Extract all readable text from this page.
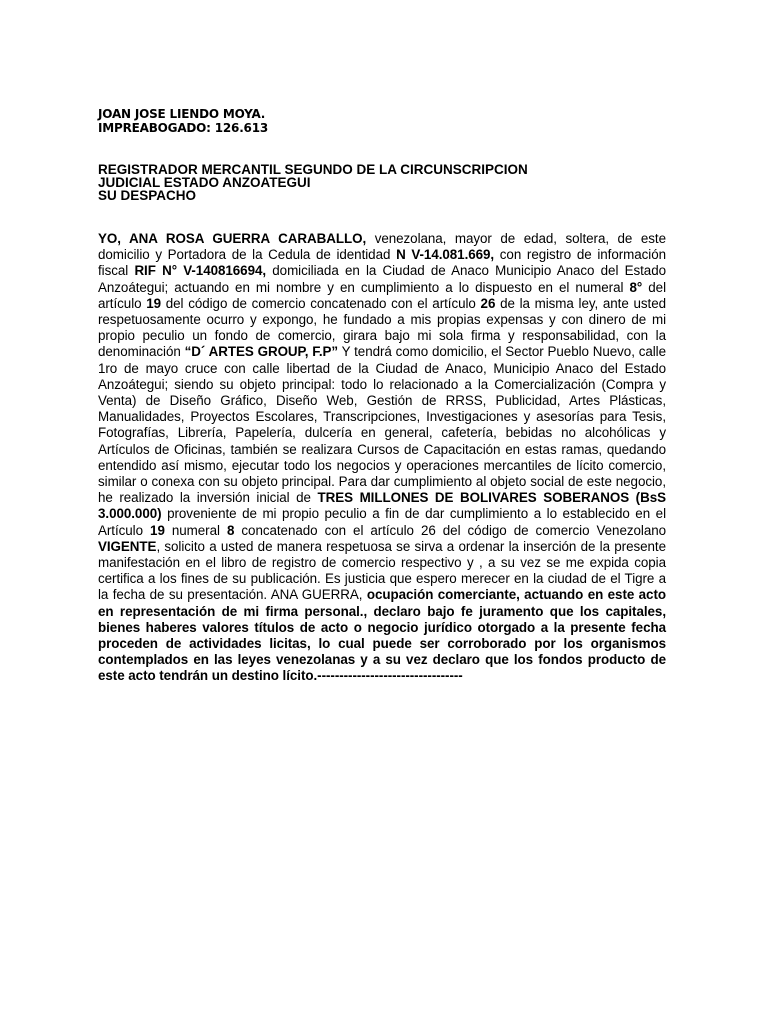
JOAN JOSE LIENDO MOYA.
IMPREABOGADO: 126.613
REGISTRADOR MERCANTIL SEGUNDO DE LA CIRCUNSCRIPCION
JUDICIAL ESTADO ANZOATEGUI
SU DESPACHO

YO, ANA ROSA GUERRA CARABALLO, venezolana, mayor de edad, soltera, de este domicilio y Portadora de la Cedula de identidad N V-14.081.669, con registro de información fiscal RIF N° V-140816694, domiciliada en la Ciudad de Anaco Municipio Anaco del Estado Anzoátegui; actuando en mi nombre y en cumplimiento a lo dispuesto en el numeral 8° del artículo 19 del código de comercio concatenado con el artículo 26 de la misma ley, ante usted respetuosamente ocurro y expongo, he fundado a mis propias expensas y con dinero de mi propio peculio un fondo de comercio, girara bajo mi sola firma y responsabilidad, con la denominación “D´ ARTES GROUP, F.P” Y tendrá como domicilio, el Sector Pueblo Nuevo, calle 1ro de mayo cruce con calle libertad de la Ciudad de Anaco, Municipio Anaco del Estado Anzoátegui; siendo su objeto principal: todo lo relacionado a la Comercialización (Compra y Venta) de Diseño Gráfico, Diseño Web, Gestión de RRSS, Publicidad, Artes Plásticas, Manualidades, Proyectos Escolares, Transcripciones, Investigaciones y asesorías para Tesis, Fotografías, Librería, Papelería, dulcería en general, cafetería, bebidas no alcohólicas y Artículos de Oficinas, también se realizara Cursos de Capacitación en estas ramas, quedando entendido así mismo, ejecutar todo los negocios y operaciones mercantiles de lícito comercio, similar o conexa con su objeto principal. Para dar cumplimiento al objeto social de este negocio, he realizado la inversión inicial de TRES MILLONES DE BOLIVARES SOBERANOS (BsS 3.000.000) proveniente de mi propio peculio a fin de dar cumplimiento a lo establecido en el Artículo 19 numeral 8 concatenado con el artículo 26 del código de comercio Venezolano VIGENTE, solicito a usted de manera respetuosa se sirva a ordenar la inserción de la presente manifestación en el libro de registro de comercio respectivo y , a su vez se me expida copia certifica a los fines de su publicación. Es justicia que espero merecer en la ciudad de el Tigre a la fecha de su presentación. ANA GUERRA, ocupación comerciante, actuando en este acto en representación de mi firma personal., declaro bajo fe juramento que los capitales, bienes haberes valores títulos de acto o negocio jurídico otorgado a la presente fecha proceden de actividades licitas, lo cual puede ser corroborado por los organismos contemplados en las leyes venezolanas y a su vez declaro que los fondos producto de este acto tendrán un destino lícito.---------------------------------
